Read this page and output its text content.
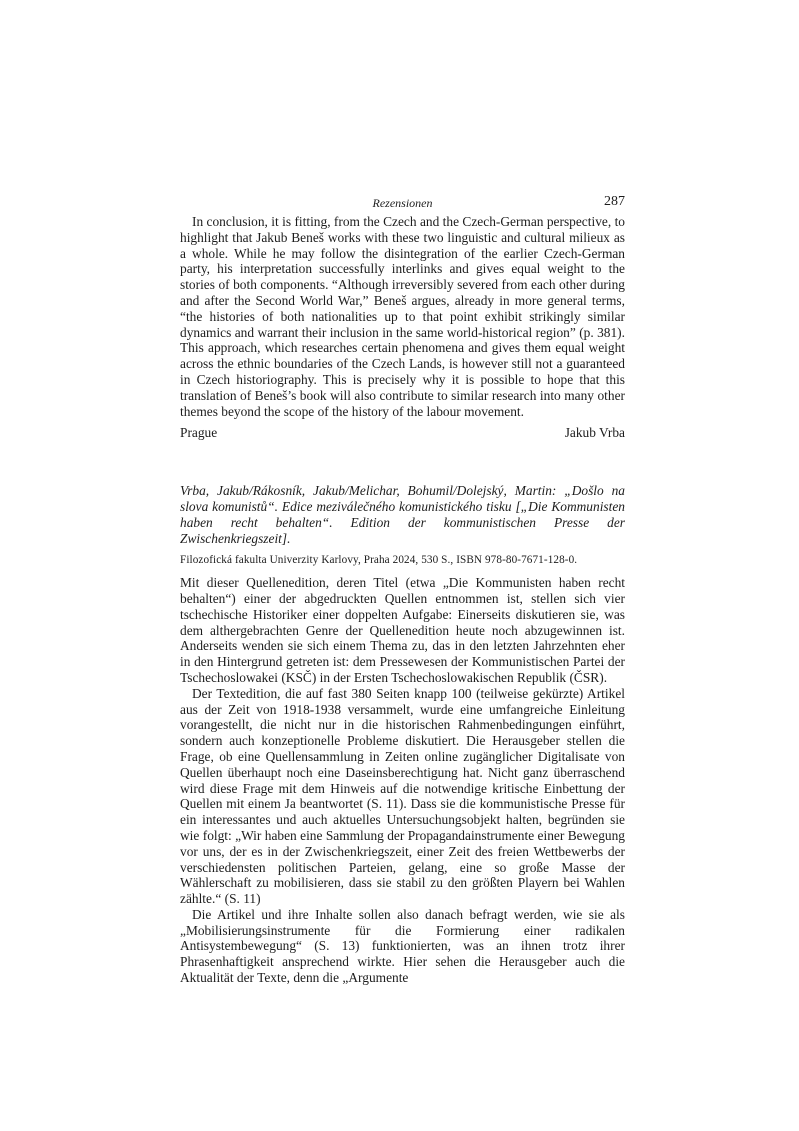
Rezensionen	287

In conclusion, it is fitting, from the Czech and the Czech-German perspective, to highlight that Jakub Beneš works with these two linguistic and cultural milieux as a whole. While he may follow the disintegration of the earlier Czech-German party, his interpretation successfully interlinks and gives equal weight to the stories of both components. “Although irreversibly severed from each other during and after the Second World War,” Beneš argues, already in more general terms, “the histories of both nationalities up to that point exhibit strikingly similar dynamics and warrant their inclusion in the same world-historical region” (p. 381). This approach, which researches certain phenomena and gives them equal weight across the ethnic boundaries of the Czech Lands, is however still not a guaranteed in Czech historiography. This is precisely why it is possible to hope that this translation of Beneš’s book will also contribute to similar research into many other themes beyond the scope of the history of the labour movement.

Prague	Jakub Vrba
Vrba, Jakub/Rákosník, Jakub/Melichar, Bohumil/Dolejský, Martin: „Došlo na slova komunistů“. Edice meziválečného komunistického tisku [„Die Kommunisten haben recht behalten“. Edition der kommunistischen Presse der Zwischenkriegszeit].
Filozofická fakulta Univerzity Karlovy, Praha 2024, 530 S., ISBN 978-80-7671-128-0.

Mit dieser Quellenedition, deren Titel (etwa „Die Kommunisten haben recht behalten“) einer der abgedruckten Quellen entnommen ist, stellen sich vier tschechische Historiker einer doppelten Aufgabe: Einerseits diskutieren sie, was dem althergebrachten Genre der Quellenedition heute noch abzugewinnen ist. Anderseits wenden sie sich einem Thema zu, das in den letzten Jahrzehnten eher in den Hintergrund getreten ist: dem Pressewesen der Kommunistischen Partei der Tschechoslowakei (KSČ) in der Ersten Tschechoslowakischen Republik (ČSR).

Der Textedition, die auf fast 380 Seiten knapp 100 (teilweise gekürzte) Artikel aus der Zeit von 1918-1938 versammelt, wurde eine umfangreiche Einleitung vorangestellt, die nicht nur in die historischen Rahmenbedingungen einführt, sondern auch konzeptionelle Probleme diskutiert. Die Herausgeber stellen die Frage, ob eine Quellensammlung in Zeiten online zugänglicher Digitalisate von Quellen überhaupt noch eine Daseinsberechtigung hat. Nicht ganz überraschend wird diese Frage mit dem Hinweis auf die notwendige kritische Einbettung der Quellen mit einem Ja beantwortet (S. 11). Dass sie die kommunistische Presse für ein interessantes und auch aktuelles Untersuchungsobjekt halten, begründen sie wie folgt: „Wir haben eine Sammlung der Propagandainstrumente einer Bewegung vor uns, der es in der Zwischenkriegszeit, einer Zeit des freien Wettbewerbs der verschiedensten politischen Parteien, gelang, eine so große Masse der Wählerschaft zu mobilisieren, dass sie stabil zu den größten Playern bei Wahlen zählte.“ (S. 11)

Die Artikel und ihre Inhalte sollen also danach befragt werden, wie sie als „Mobilisierungsinstrumente für die Formierung einer radikalen Antisystembewegung“ (S. 13) funktionierten, was an ihnen trotz ihrer Phrasenhaftigkeit ansprechend wirkte. Hier sehen die Herausgeber auch die Aktualität der Texte, denn die „Argumente
